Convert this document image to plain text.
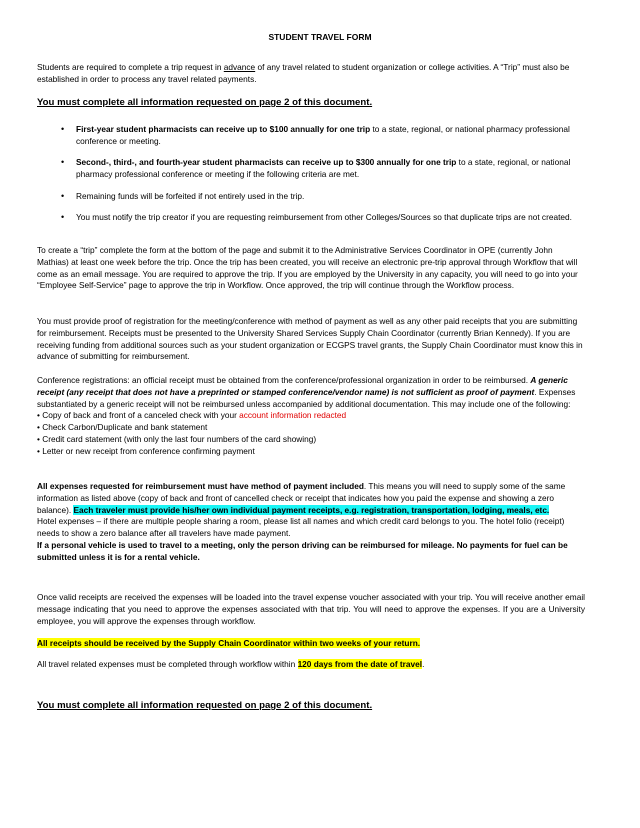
STUDENT TRAVEL FORM

Students are required to complete a trip request in advance of any travel related to student organization or college activities. A “Trip” must also be established in order to process any travel related payments.

You must complete all information requested on page 2 of this document.
• First-year student pharmacists can receive up to $100 annually for one trip to a state, regional, or national pharmacy professional conference or meeting.
• Second-, third-, and fourth-year student pharmacists can receive up to $300 annually for one trip to a state, regional, or national pharmacy professional conference or meeting if the following criteria are met.
• Remaining funds will be forfeited if not entirely used in the trip.
• You must notify the trip creator if you are requesting reimbursement from other Colleges/Sources so that duplicate trips are not created.

To create a “trip” complete the form at the bottom of the page and submit it to the Administrative Services Coordinator in OPE (currently John Mathias) at least one week before the trip. Once the trip has been created, you will receive an electronic pre-trip approval through Workflow that will come as an email message. You are required to approve the trip. If you are employed by the University in any capacity, you will need to go into your “Employee Self-Service” page to approve the trip in Workflow. Once approved, the trip will continue through the Workflow process.

You must provide proof of registration for the meeting/conference with method of payment as well as any other paid receipts that you are submitting for reimbursement. Receipts must be presented to the University Shared Services Supply Chain Coordinator (currently Brian Kennedy). If you are receiving funding from additional sources such as your student organization or ECGPS travel grants, the Supply Chain Coordinator must know this in advance of submitting for reimbursement.

Conference registrations: an official receipt must be obtained from the conference/professional organization in order to be reimbursed. A generic receipt (any receipt that does not have a preprinted or stamped conference/vendor name) is not sufficient as proof of payment. Expenses substantiated by a generic receipt will not be reimbursed unless accompanied by additional documentation. This may include one of the following:

• Copy of back and front of a canceled check with your account information redacted

• Check Carbon/Duplicate and bank statement

• Credit card statement (with only the last four numbers of the card showing)

• Letter or new receipt from conference confirming payment

All expenses requested for reimbursement must have method of payment included. This means you will need to supply some of the same information as listed above (copy of back and front of cancelled check or receipt that indicates how you paid the expense and showing a zero balance). Each traveler must provide his/her own individual payment receipts, e.g. registration, transportation, lodging, meals, etc.

Hotel expenses – if there are multiple people sharing a room, please list all names and which credit card belongs to you. The hotel folio (receipt) needs to show a zero balance after all travelers have made payment.

If a personal vehicle is used to travel to a meeting, only the person driving can be reimbursed for mileage. No payments for fuel can be submitted unless it is for a rental vehicle.

Once valid receipts are received the expenses will be loaded into the travel expense voucher associated with your trip. You will receive another email message indicating that you need to approve the expenses associated with that trip. You will need to approve the expenses. If you are a University employee, you will approve the expenses through workflow.

All receipts should be received by the Supply Chain Coordinator within two weeks of your return.

All travel related expenses must be completed through workflow within 120 days from the date of travel.

You must complete all information requested on page 2 of this document.
